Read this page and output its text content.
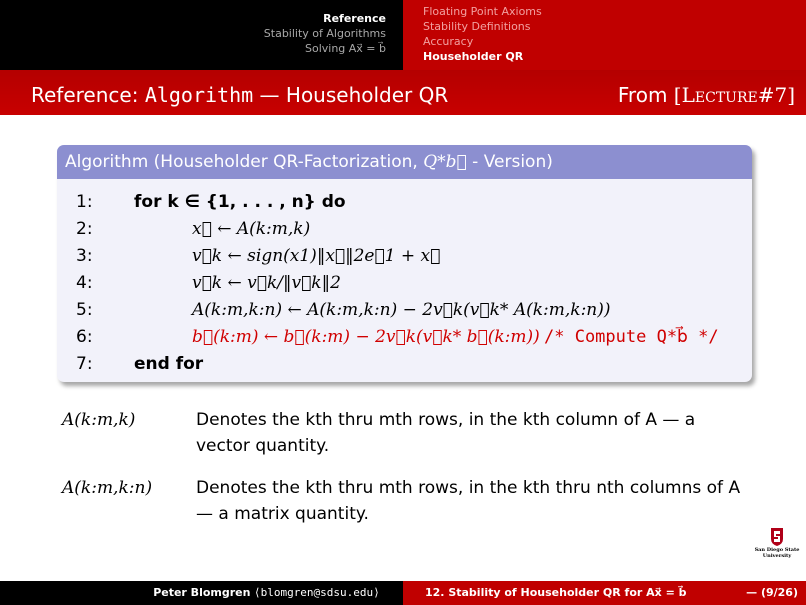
Reference
Stability of Algorithms
Solving Ax⃗ = b⃗
Floating Point Axioms
Stability Definitions
Accuracy
Householder QR
Reference: Algorithm — Householder QR	From [Lecture#7]
Algorithm (Householder QR-Factorization, Q*b⃗ - Version)
1: for k ∈ {1, . . . , n} do
2:	x⃗ ← A(k:m,k)
3:	v⃗k ← sign(x1)‖x⃗‖2e⃗1 + x⃗
4:	v⃗k ← v⃗k/‖v⃗k‖2
5:	A(k:m,k:n) ← A(k:m,k:n) − 2v⃗k(v⃗k* A(k:m,k:n))
6:	b⃗(k:m) ← b⃗(k:m) − 2v⃗k(v⃗k* b⃗(k:m)) /* Compute Q*b⃗ */
7: end for
A(k:m,k)	Denotes the kth thru mth rows, in the kth column of A — a vector quantity.
A(k:m,k:n)	Denotes the kth thru mth rows, in the kth thru nth columns of A — a matrix quantity.
San Diego State
University
Peter Blomgren ⟨blomgren@sdsu.edu⟩	12. Stability of Householder QR for Ax⃗ = b⃗	— (9/26)
